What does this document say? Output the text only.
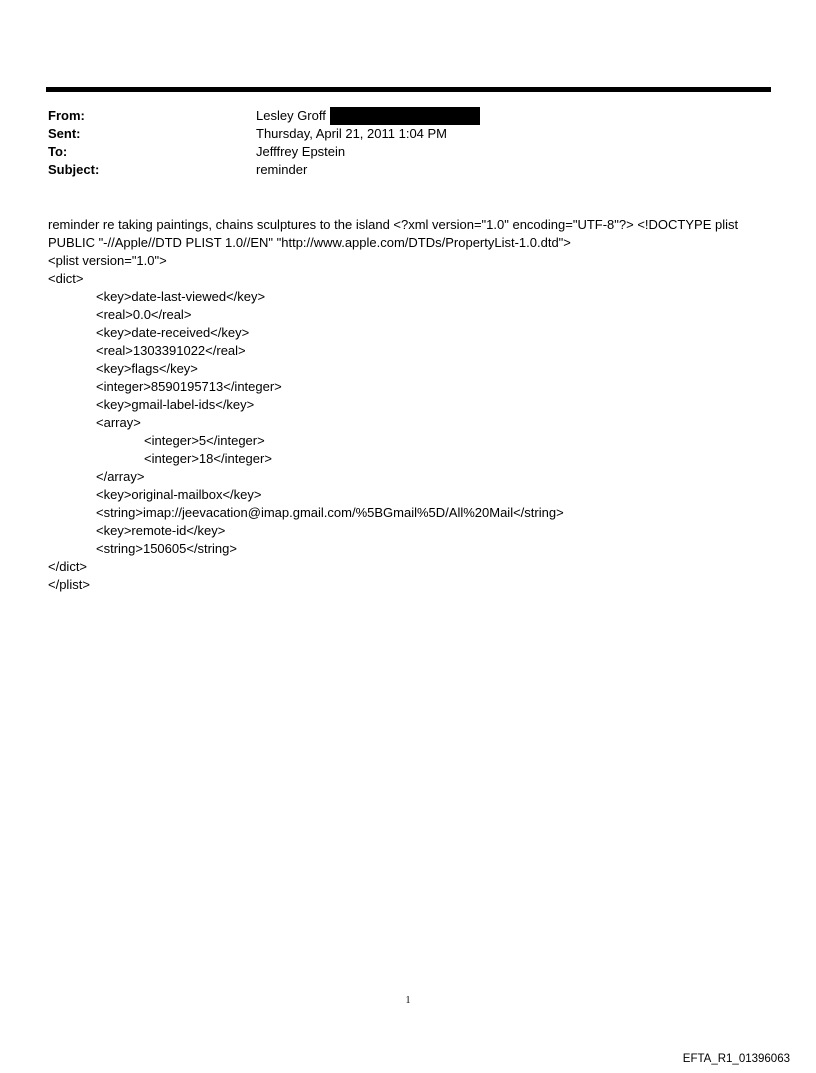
From:	Lesley Groff
Sent:	Thursday, April 21, 2011 1:04 PM
To:	Jefffrey Epstein
Subject:	reminder

reminder re taking paintings, chains sculptures to the island <?xml version="1.0" encoding="UTF-8"?> <!DOCTYPE plist PUBLIC "-//Apple//DTD PLIST 1.0//EN" "http://www.apple.com/DTDs/PropertyList-1.0.dtd">

<plist version="1.0">
<dict>
<key>date-last-viewed</key>
<real>0.0</real>
<key>date-received</key>
<real>1303391022</real>
<key>flags</key>
<integer>8590195713</integer>
<key>gmail-label-ids</key>
<array>
<integer>5</integer>
<integer>18</integer>
</array>
<key>original-mailbox</key>
<string>imap://jeevacation@imap.gmail.com/%5BGmail%5D/All%20Mail</string>
<key>remote-id</key>
<string>150605</string>
</dict>
</plist>
1
EFTA_R1_01396063
